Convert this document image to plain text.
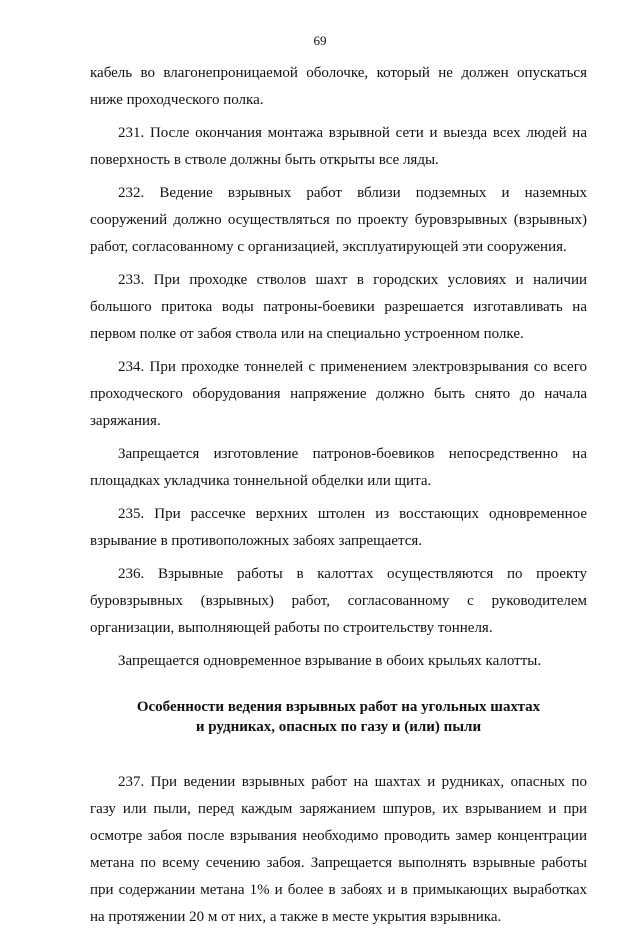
69

кабель во влагонепроницаемой оболочке, который не должен опускаться ниже проходческого полка.

231. После окончания монтажа взрывной сети и выезда всех людей на поверхность в стволе должны быть открыты все ляды.

232. Ведение взрывных работ вблизи подземных и наземных сооружений должно осуществляться по проекту буровзрывных (взрывных) работ, согласованному с организацией, эксплуатирующей эти сооружения.

233. При проходке стволов шахт в городских условиях и наличии большого притока воды патроны-боевики разрешается изготавливать на первом полке от забоя ствола или на специально устроенном полке.

234. При проходке тоннелей с применением электровзрывания со всего проходческого оборудования напряжение должно быть снято до начала заряжания.

Запрещается изготовление патронов-боевиков непосредственно на площадках укладчика тоннельной обделки или щита.

235. При рассечке верхних штолен из восстающих одновременное взрывание в противоположных забоях запрещается.

236. Взрывные работы в калоттах осуществляются по проекту буровзрывных (взрывных) работ, согласованному с руководителем организации, выполняющей работы по строительству тоннеля.

Запрещается одновременное взрывание в обоих крыльях калотты.

Особенности ведения взрывных работ на угольных шахтах
и рудниках, опасных по газу и (или) пыли

237. При ведении взрывных работ на шахтах и рудниках, опасных по газу или пыли, перед каждым заряжанием шпуров, их взрыванием и при осмотре забоя после взрывания необходимо проводить замер концентрации метана по всему сечению забоя. Запрещается выполнять взрывные работы при содержании метана 1% и более в забоях и в примыкающих выработках на протяжении 20 м от них, а также в месте укрытия взрывника.
